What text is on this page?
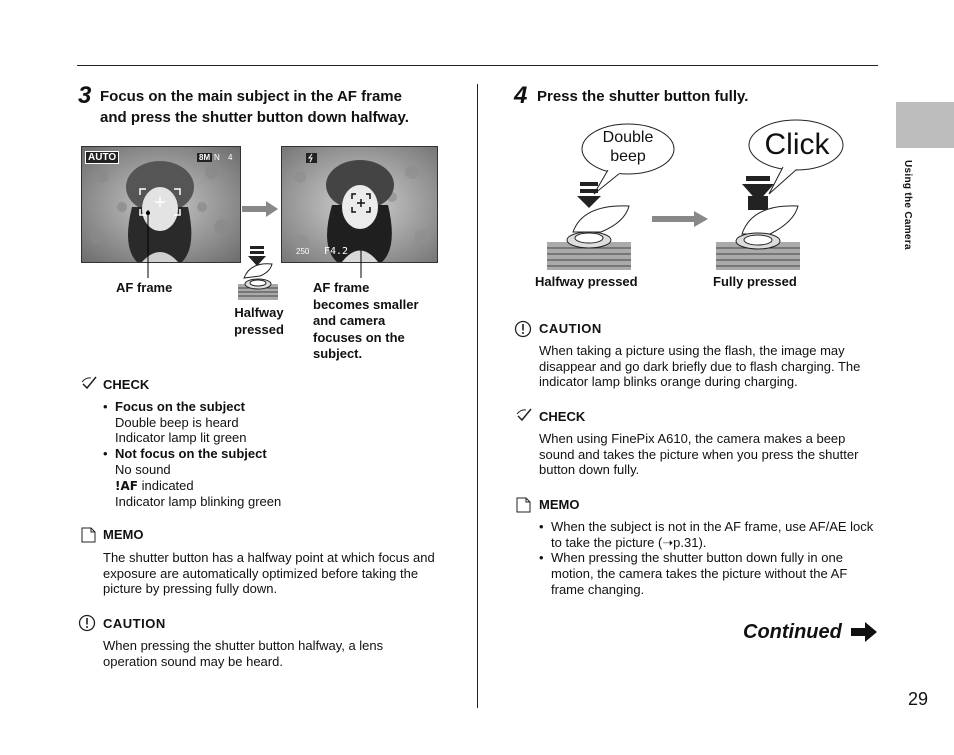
Using the Camera
3 Focus on the main subject in the AF frame
and press the shutter button down halfway.
AUTO	8M N 4
250 F4.2
AF frame
Halfway
pressed
AF frame
becomes smaller
and camera
focuses on the
subject.
CHECK
• Focus on the subject
Double beep is heard
Indicator lamp lit green
• Not focus on the subject
No sound
!AF indicated
Indicator lamp blinking green
MEMO
The shutter button has a halfway point at which focus and
exposure are automatically optimized before taking the
picture by pressing fully down.
CAUTION
When pressing the shutter button halfway, a lens
operation sound may be heard.
4 Press the shutter button fully.
Double
beep	Click
Halfway pressed	Fully pressed
CAUTION
When taking a picture using the flash, the image may
disappear and go dark briefly due to flash charging. The
indicator lamp blinks orange during charging.
CHECK
When using FinePix A610, the camera makes a beep
sound and takes the picture when you press the shutter
button down fully.
MEMO
• When the subject is not in the AF frame, use AF/AE lock
to take the picture (➝p.31).
• When pressing the shutter button down fully in one
motion, the camera takes the picture without the AF
frame changing.
Continued
29
